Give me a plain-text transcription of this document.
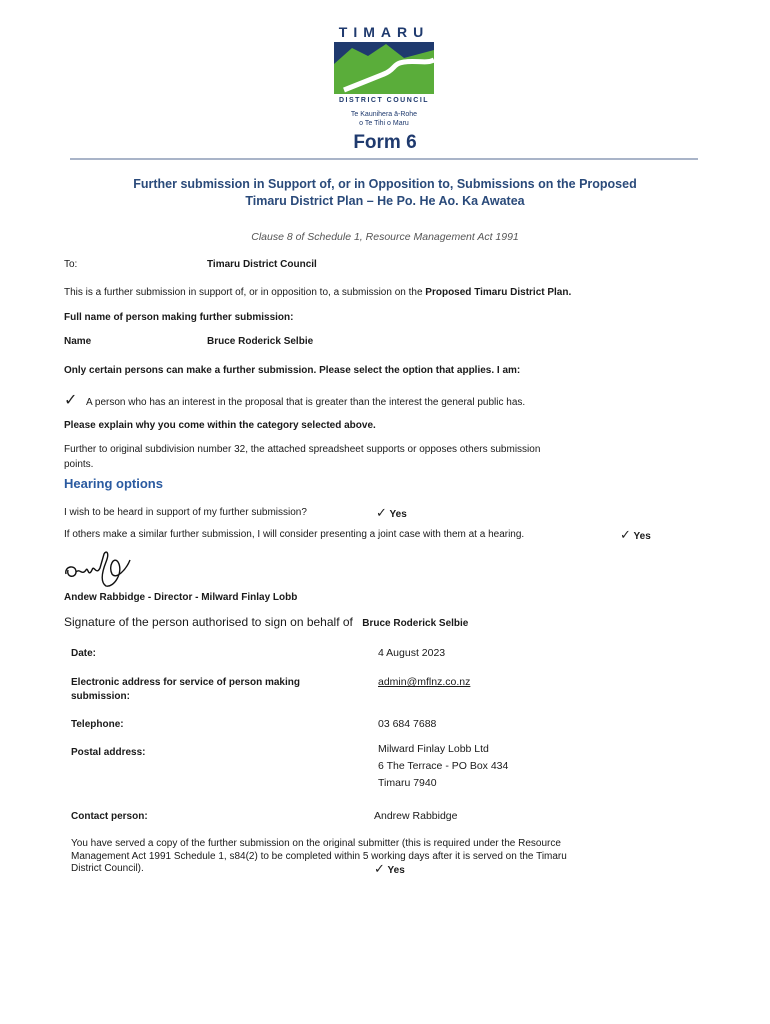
TIMARU
DISTRICT COUNCIL
Te Kaunihera ā-Rohe
o Te Tihi o Maru
Form 6
Further submission in Support of, or in Opposition to, Submissions on the Proposed
Timaru District Plan – He Po. He Ao. Ka Awatea
Clause 8 of Schedule 1, Resource Management Act 1991
To:	Timaru District Council
This is a further submission in support of, or in opposition to, a submission on the Proposed Timaru District Plan.
Full name of person making further submission:
Name	Bruce Roderick Selbie
Only certain persons can make a further submission. Please select the option that applies. I am:
✓ A person who has an interest in the proposal that is greater than the interest the general public has.
Please explain why you come within the category selected above.
Further to original subdivision number 32, the attached spreadsheet supports or opposes others submission
points.
Hearing options
I wish to be heard in support of my further submission?	✓ Yes
If others make a similar further submission, I will consider presenting a joint case with them at a hearing.	✓ Yes
Andew Rabbidge - Director - Milward Finlay Lobb
Signature of the person authorised to sign on behalf of Bruce Roderick Selbie
Date:	4 August 2023
Electronic address for service of person making
submission:
admin@mflnz.co.nz
Telephone:	03 684 7688
Postal address:	Milward Finlay Lobb Ltd
6 The Terrace - PO Box 434
Timaru 7940
Contact person:	Andrew Rabbidge
You have served a copy of the further submission on the original submitter (this is required under the Resource
Management Act 1991 Schedule 1, s84(2) to be completed within 5 working days after it is served on the Timaru
District Council).	✓ Yes
